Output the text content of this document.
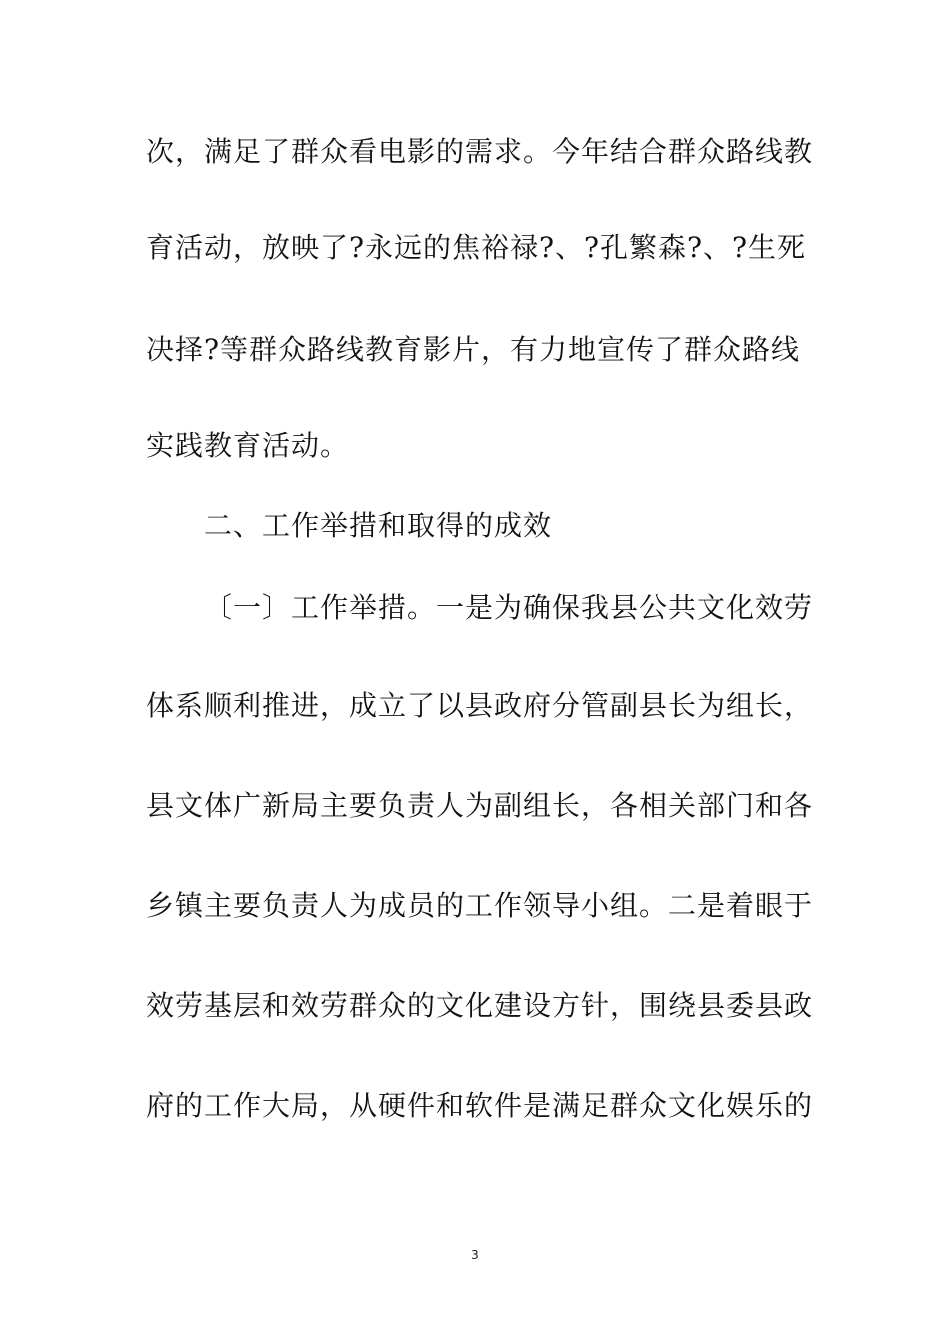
次，满足了群众看电影的需求。今年结合群众路线教
育活动，放映了?永远的焦裕禄?、?孔繁森?、?生死
决择?等群众路线教育影片，有力地宣传了群众路线
实践教育活动。
二、工作举措和取得的成效
〔一〕工作举措。一是为确保我县公共文化效劳
体系顺利推进，成立了以县政府分管副县长为组长，
县文体广新局主要负责人为副组长，各相关部门和各
乡镇主要负责人为成员的工作领导小组。二是着眼于
效劳基层和效劳群众的文化建设方针，围绕县委县政
府的工作大局，从硬件和软件是满足群众文化娱乐的
3
